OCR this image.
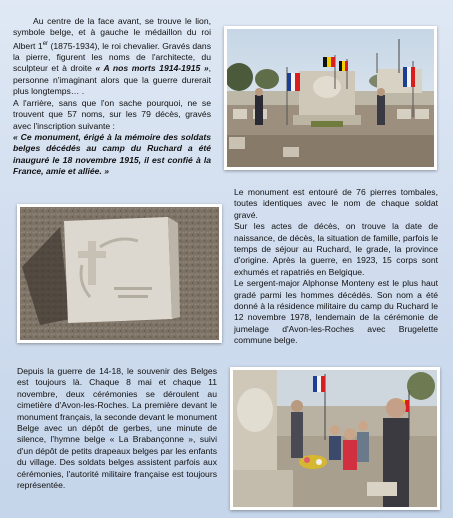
Au centre de la face avant, se trouve le lion, symbole belge, et à gauche le médaillon du roi Albert 1er (1875-1934), le roi chevalier. Gravés dans la pierre, figurent les noms de l'architecte, du sculpteur et à droite « A nos morts 1914-1915 », personne n'imaginant alors que la guerre durerait plus longtemps… .

A l'arrière, sans que l'on sache pourquoi, ne se trouvent que 57 noms, sur les 79 décès, gravés avec l'inscription suivante :

« Ce monument, érigé à la mémoire des soldats belges décédés au camp du Ruchard a été inauguré le 18 novembre 1915, il est confié à la France, amie et alliée. »

Le monument est entouré de 76 pierres tombales, toutes identiques avec le nom de chaque soldat gravé.

Sur les actes de décès, on trouve la date de naissance, de décès, la situation de famille, parfois le temps de séjour au Ruchard, le grade, la province d'origine. Après la guerre, en 1923, 15 corps sont exhumés et rapatriés en Belgique.

Le sergent-major Alphonse Monteny est le plus haut gradé parmi les hommes décédés. Son nom a été donné à la résidence militaire du camp du Ruchard le 12 novembre 1978, lendemain de la cérémonie de jumelage d'Avon-les-Roches avec Brugelette commune belge.

Depuis la guerre de 14-18, le souvenir des Belges est toujours là. Chaque 8 mai et chaque 11 novembre, deux cérémonies se déroulent au cimetière d'Avon-les-Roches. La première devant le monument français, la seconde devant le monument Belge avec un dépôt de gerbes, une minute de silence, l'hymne belge « La Brabançonne », suivi d'un dépôt de petits drapeaux belges par les enfants du village. Des soldats belges assistent parfois aux cérémonies, l'autorité militaire française est toujours représentée.
